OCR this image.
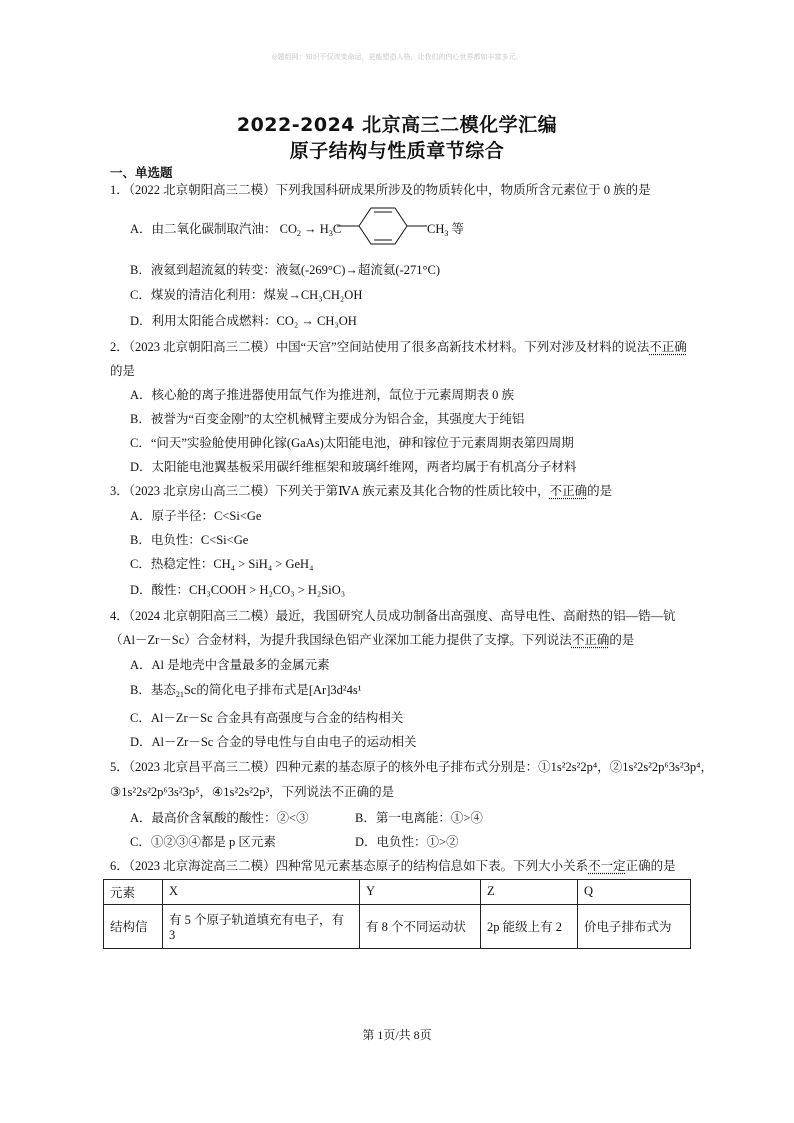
◎题组网：知识不仅改变命运，更能塑造人格，让我们的内心世界都如丰富多元。
2022-2024 北京高三二模化学汇编
原子结构与性质章节综合
一、单选题
1．（2022 北京朝阳高三二模）下列我国科研成果所涉及的物质转化中，物质所含元素位于 0 族的是
A．由二氧化碳制取汽油： $CO_2 \to H_3C$	$CH_3$ 等
B．液氦到超流氦的转变：液氦(-269°C)→超流氦(-271°C)
C．煤炭的清洁化利用：煤炭→CH₃CH₂OH
D．利用太阳能合成燃料：CO₂ → CH₃OH
2．（2023 北京朝阳高三二模）中国“天宫”空间站使用了很多高新技术材料。下列对涉及材料的说法不正确
的是
A．核心舱的离子推进器使用氙气作为推进剂，氙位于元素周期表 0 族
B．被誉为“百变金刚”的太空机械臂主要成分为铝合金，其强度大于纯铝
C．“问天”实验舱使用砷化镓(GaAs)太阳能电池，砷和镓位于元素周期表第四周期
D．太阳能电池翼基板采用碳纤维框架和玻璃纤维网，两者均属于有机高分子材料
3．（2023 北京房山高三二模）下列关于第ⅣA 族元素及其化合物的性质比较中，不正确的是
A．原子半径：C<Si<Ge
B．电负性：C<Si<Ge
C．热稳定性：CH₄ > SiH₄ > GeH₄
D．酸性：CH₃COOH > H₂CO₃ > H₂SiO₃
4．（2024 北京朝阳高三二模）最近，我国研究人员成功制备出高强度、高导电性、高耐热的铝—锆—钪
（Al－Zr－Sc）合金材料，为提升我国绿色铝产业深加工能力提供了支撑。下列说法不正确的是
A．Al 是地壳中含量最多的金属元素
B．基态$_{21}$Sc的简化电子排布式是[Ar]3d²4s¹
C．Al－Zr－Sc 合金具有高强度与合金的结构相关
D．Al－Zr－Sc 合金的导电性与自由电子的运动相关
5．（2023 北京昌平高三二模）四种元素的基态原子的核外电子排布式分别是：①1s²2s²2p⁴，②1s²2s²2p⁶3s²3p⁴，
③1s²2s²2p⁶3s²3p⁵，④1s²2s²2p³，下列说法不正确的是
A．最高价含氧酸的酸性：②<③	B．第一电离能：①>④
C．①②③④都是 p 区元素	D．电负性：①>②
6．（2023 北京海淀高三二模）四种常见元素基态原子的结构信息如下表。下列大小关系不一定正确的是
元素	X	Y	Z	Q
结构信	有 5 个原子轨道填充有电子，有 3	有 8 个不同运动状	2p 能级上有 2	价电子排布式为
第 1页/共 8页
